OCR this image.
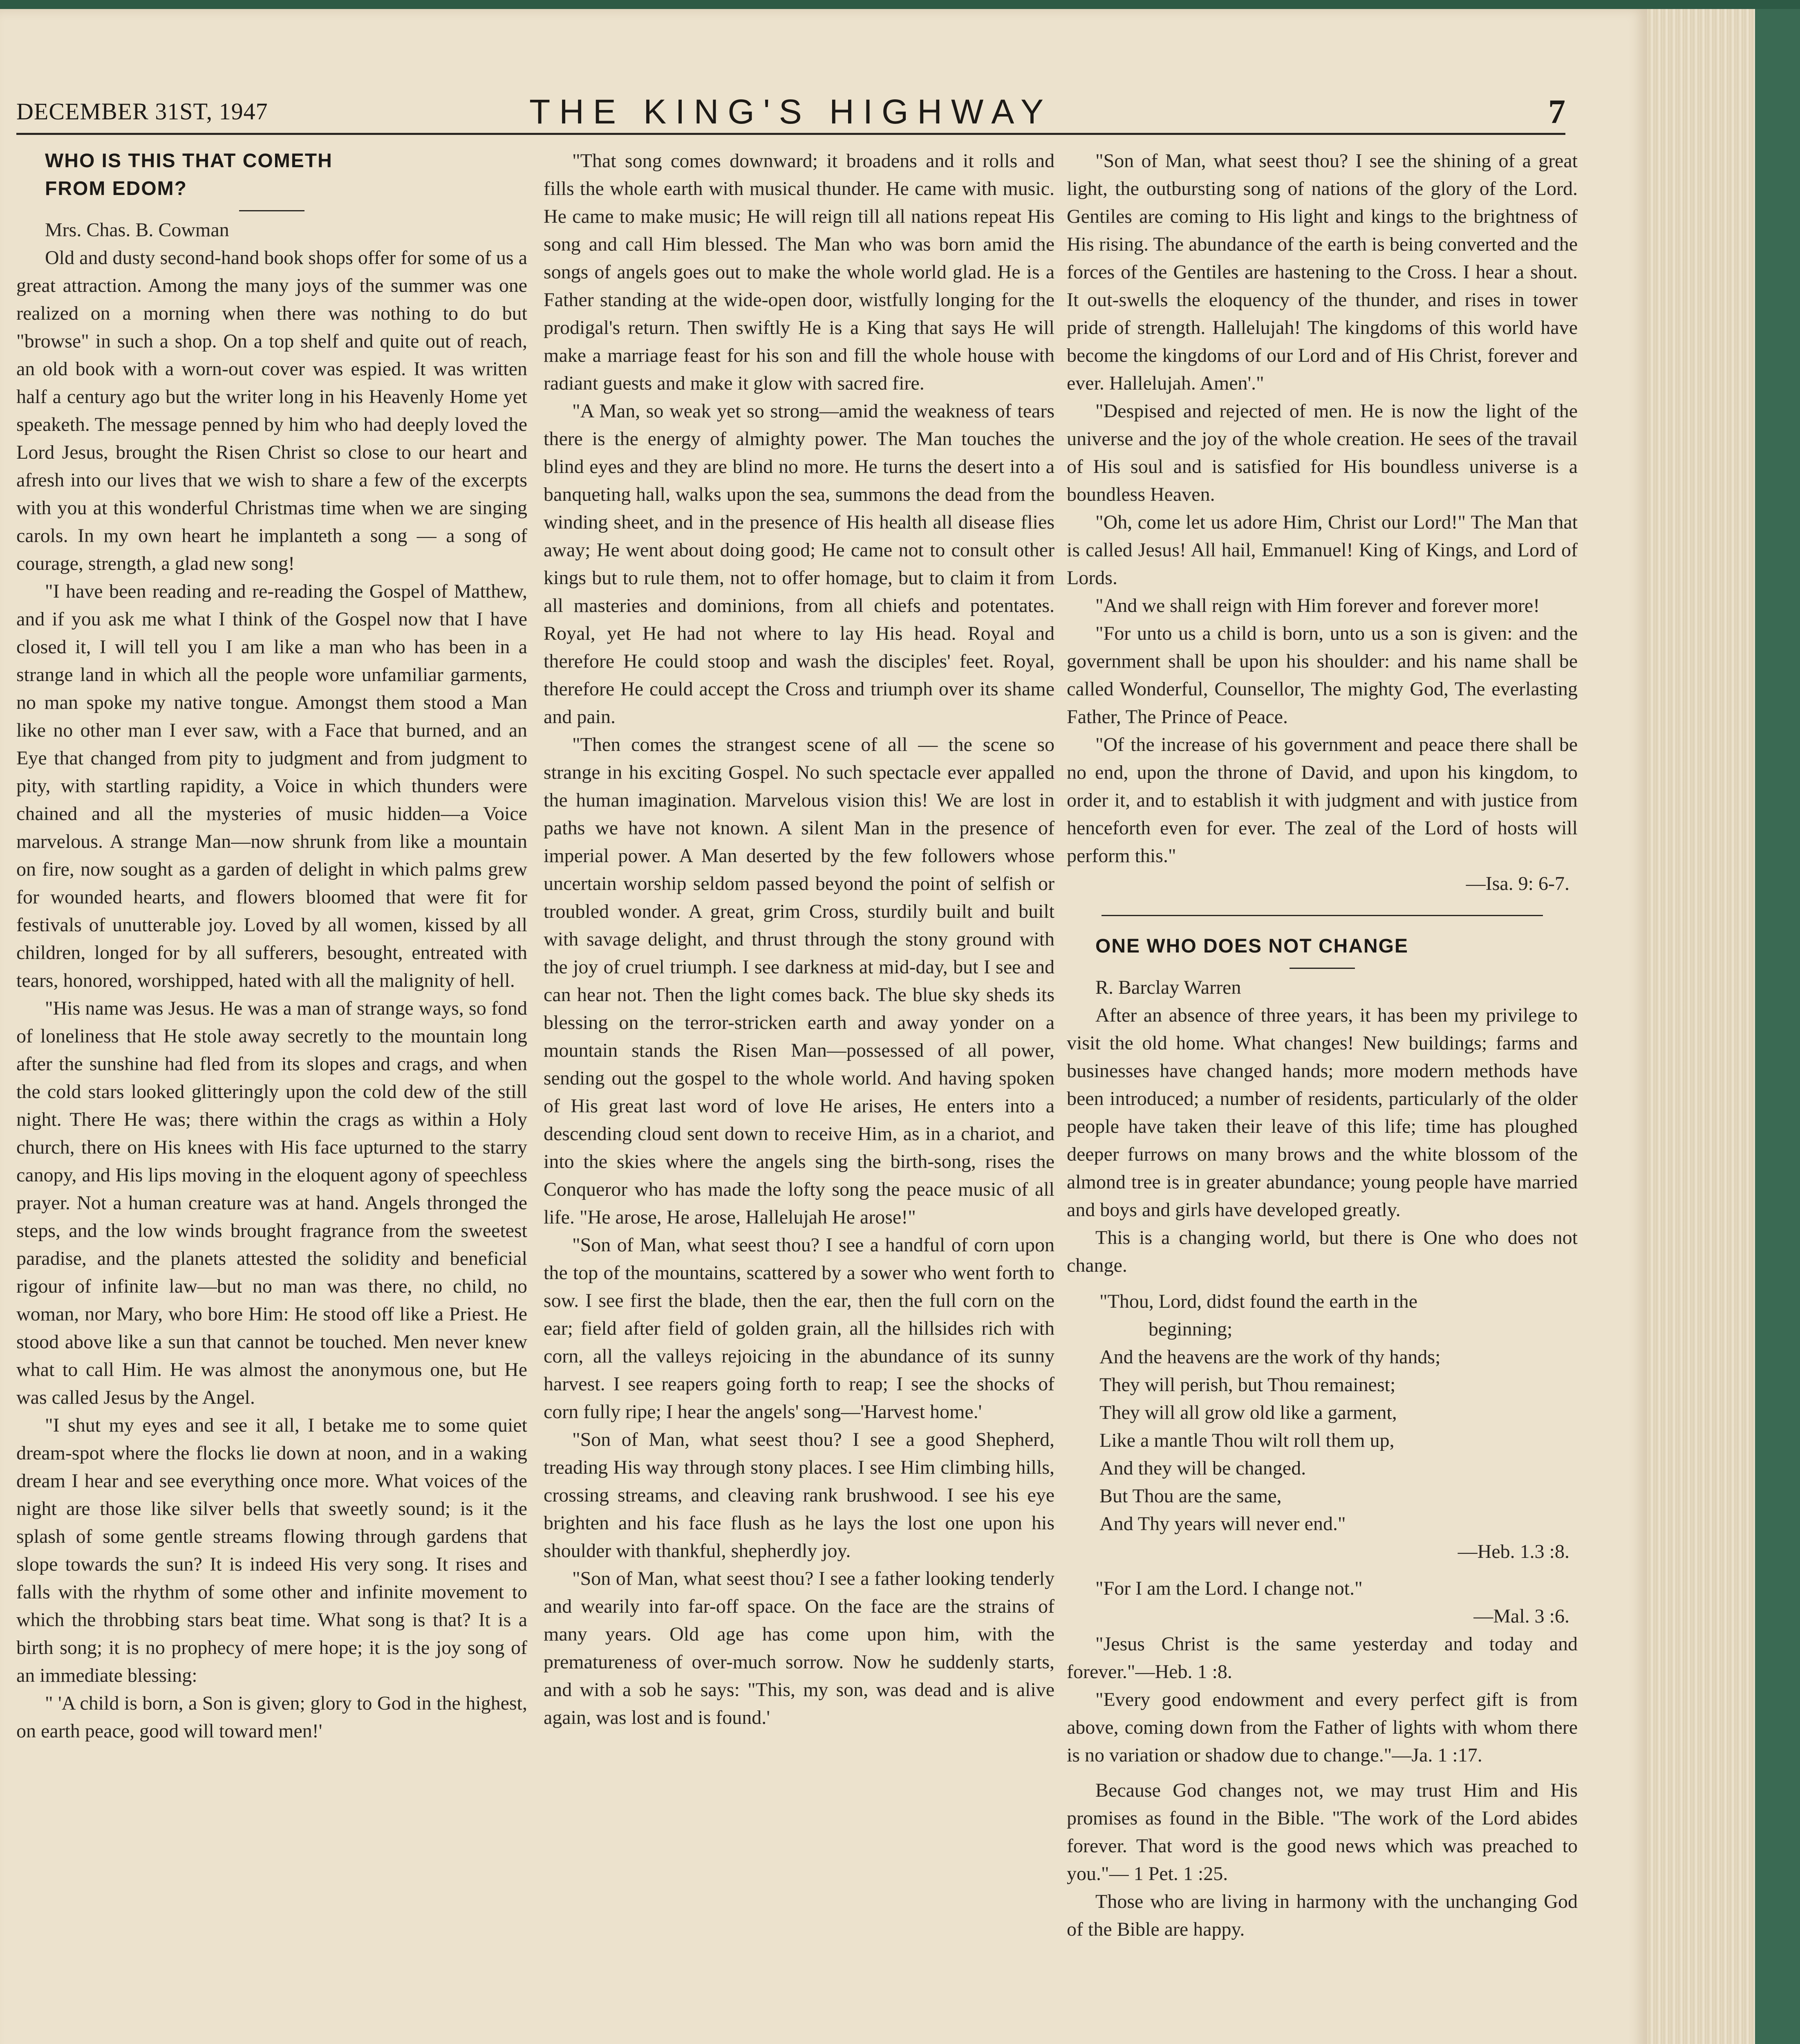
DECEMBER 31ST, 1947	THE KING'S HIGHWAY	7

WHO IS THIS THAT COMETH

FROM EDOM?

Mrs. Chas. B. Cowman

Old and dusty second-hand book shops offer for some of us a great attraction. Among the many joys of the summer was one realized on a morning when there was nothing to do but "browse" in such a shop. On a top shelf and quite out of reach, an old book with a worn-out cover was espied. It was written half a century ago but the writer long in his Heavenly Home yet speaketh. The message penned by him who had deeply loved the Lord Jesus, brought the Risen Christ so close to our heart and afresh into our lives that we wish to share a few of the excerpts with you at this wonderful Christmas time when we are singing carols. In my own heart he implanteth a song — a song of courage, strength, a glad new song!

"I have been reading and re-reading the Gospel of Matthew, and if you ask me what I think of the Gospel now that I have closed it, I will tell you I am like a man who has been in a strange land in which all the people wore unfamiliar garments, no man spoke my native tongue. Amongst them stood a Man like no other man I ever saw, with a Face that burned, and an Eye that changed from pity to judgment and from judgment to pity, with startling rapidity, a Voice in which thunders were chained and all the mysteries of music hidden—a Voice marvelous. A strange Man—now shrunk from like a mountain on fire, now sought as a garden of delight in which palms grew for wounded hearts, and flowers bloomed that were fit for festivals of unutterable joy. Loved by all women, kissed by all children, longed for by all sufferers, besought, entreated with tears, honored, worshipped, hated with all the malignity of hell.

"His name was Jesus. He was a man of strange ways, so fond of loneliness that He stole away secretly to the mountain long after the sunshine had fled from its slopes and crags, and when the cold stars looked glitteringly upon the cold dew of the still night. There He was; there within the crags as within a Holy church, there on His knees with His face upturned to the starry canopy, and His lips moving in the eloquent agony of speechless prayer. Not a human creature was at hand. Angels thronged the steps, and the low winds brought fragrance from the sweetest paradise, and the planets attested the solidity and beneficial rigour of infinite law—but no man was there, no child, no woman, nor Mary, who bore Him: He stood off like a Priest. He stood above like a sun that cannot be touched. Men never knew what to call Him. He was almost the anonymous one, but He was called Jesus by the Angel.

"I shut my eyes and see it all, I betake me to some quiet dream-spot where the flocks lie down at noon, and in a waking dream I hear and see everything once more. What voices of the night are those like silver bells that sweetly sound; is it the splash of some gentle streams flowing through gardens that slope towards the sun? It is indeed His very song. It rises and falls with the rhythm of some other and infinite movement to which the throbbing stars beat time. What song is that? It is a birth song; it is no prophecy of mere hope; it is the joy song of an immediate blessing:

" 'A child is born, a Son is given; glory to God in the highest, on earth peace, good will toward men!'

"That song comes downward; it broadens and it rolls and fills the whole earth with musical thunder. He came with music. He came to make music; He will reign till all nations repeat His song and call Him blessed. The Man who was born amid the songs of angels goes out to make the whole world glad. He is a Father standing at the wide-open door, wistfully longing for the prodigal's return. Then swiftly He is a King that says He will make a marriage feast for his son and fill the whole house with radiant guests and make it glow with sacred fire.

"A Man, so weak yet so strong—amid the weakness of tears there is the energy of almighty power. The Man touches the blind eyes and they are blind no more. He turns the desert into a banqueting hall, walks upon the sea, summons the dead from the winding sheet, and in the presence of His health all disease flies away; He went about doing good; He came not to consult other kings but to rule them, not to offer homage, but to claim it from all masteries and dominions, from all chiefs and potentates. Royal, yet He had not where to lay His head. Royal and therefore He could stoop and wash the disciples' feet. Royal, therefore He could accept the Cross and triumph over its shame and pain.

"Then comes the strangest scene of all — the scene so strange in his exciting Gospel. No such spectacle ever appalled the human imagination. Marvelous vision this! We are lost in paths we have not known. A silent Man in the presence of imperial power. A Man deserted by the few followers whose uncertain worship seldom passed beyond the point of selfish or troubled wonder. A great, grim Cross, sturdily built and built with savage delight, and thrust through the stony ground with the joy of cruel triumph. I see darkness at mid-day, but I see and can hear not. Then the light comes back. The blue sky sheds its blessing on the terror-stricken earth and away yonder on a mountain stands the Risen Man—possessed of all power, sending out the gospel to the whole world. And having spoken of His great last word of love He arises, He enters into a descending cloud sent down to receive Him, as in a chariot, and into the skies where the angels sing the birth-song, rises the Conqueror who has made the lofty song the peace music of all life. "He arose, He arose, Hallelujah He arose!"

"Son of Man, what seest thou? I see a handful of corn upon the top of the mountains, scattered by a sower who went forth to sow. I see first the blade, then the ear, then the full corn on the ear; field after field of golden grain, all the hillsides rich with corn, all the valleys rejoicing in the abundance of its sunny harvest. I see reapers going forth to reap; I see the shocks of corn fully ripe; I hear the angels' song—'Harvest home.'

"Son of Man, what seest thou? I see a good Shepherd, treading His way through stony places. I see Him climbing hills, crossing streams, and cleaving rank brushwood. I see his eye brighten and his face flush as he lays the lost one upon his shoulder with thankful, shepherdly joy.

"Son of Man, what seest thou? I see a father looking tenderly and wearily into far-off space. On the face are the strains of many years. Old age has come upon him, with the prematureness of over-much sorrow. Now he suddenly starts, and with a sob he says: "This, my son, was dead and is alive again, was lost and is found.'

"Son of Man, what seest thou? I see the shining of a great light, the outbursting song of nations of the glory of the Lord. Gentiles are coming to His light and kings to the brightness of His rising. The abundance of the earth is being converted and the forces of the Gentiles are hastening to the Cross. I hear a shout. It out-swells the eloquency of the thunder, and rises in tower pride of strength. Hallelujah! The kingdoms of this world have become the kingdoms of our Lord and of His Christ, forever and ever. Hallelujah. Amen'."

"Despised and rejected of men. He is now the light of the universe and the joy of the whole creation. He sees of the travail of His soul and is satisfied for His boundless universe is a boundless Heaven.

"Oh, come let us adore Him, Christ our Lord!" The Man that is called Jesus! All hail, Emmanuel! King of Kings, and Lord of Lords.

"And we shall reign with Him forever and forever more!

"For unto us a child is born, unto us a son is given: and the government shall be upon his shoulder: and his name shall be called Wonderful, Counsellor, The mighty God, The everlasting Father, The Prince of Peace.

"Of the increase of his government and peace there shall be no end, upon the throne of David, and upon his kingdom, to order it, and to establish it with judgment and with justice from henceforth even for ever. The zeal of the Lord of hosts will perform this."

—Isa. 9: 6-7.

ONE WHO DOES NOT CHANGE

R. Barclay Warren

After an absence of three years, it has been my privilege to visit the old home. What changes! New buildings; farms and businesses have changed hands; more modern methods have been introduced; a number of residents, particularly of the older people have taken their leave of this life; time has ploughed deeper furrows on many brows and the white blossom of the almond tree is in greater abundance; young people have married and boys and girls have developed greatly.

This is a changing world, but there is One who does not change.

"Thou, Lord, didst found the earth in the

beginning;

And the heavens are the work of thy hands;

They will perish, but Thou remainest;

They will all grow old like a garment,

Like a mantle Thou wilt roll them up,

And they will be changed.

But Thou are the same,

And Thy years will never end."

—Heb. 1.3 :8.

"For I am the Lord. I change not."

—Mal. 3 :6.

"Jesus Christ is the same yesterday and today and forever."—Heb. 1 :8.

"Every good endowment and every perfect gift is from above, coming down from the Father of lights with whom there is no variation or shadow due to change."—Ja. 1 :17.

Because God changes not, we may trust Him and His promises as found in the Bible. "The work of the Lord abides forever. That word is the good news which was preached to you."— 1 Pet. 1 :25.

Those who are living in harmony with the unchanging God of the Bible are happy.
